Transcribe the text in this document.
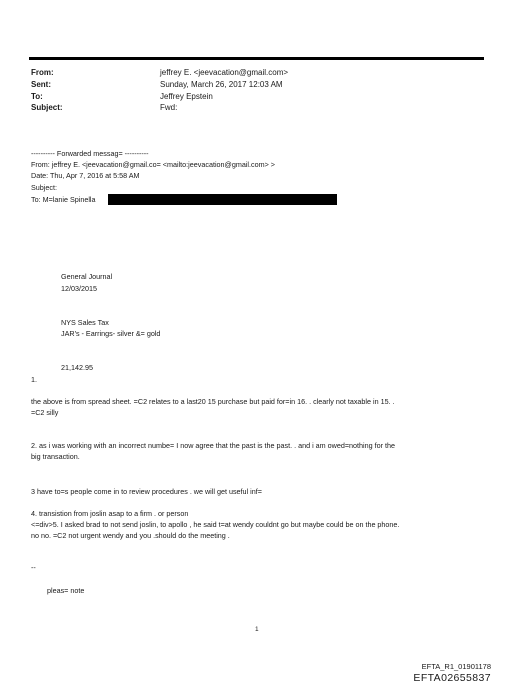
From:	jeffrey E. <jeevacation@gmail.com>
Sent:	Sunday, March 26, 2017 12:03 AM
To:	Jeffrey Epstein
Subject:	Fwd:
---------- Forwarded messag= ----------
From: jeffrey E. <jeevacation@gmail.co= <mailto:jeevacation@gmail.com> >
Date: Thu, Apr 7, 2016 at 5:58 AM
Subject:
To: M=lanie Spinella
General Journal
12/03/2015
NYS Sales Tax
JAR's - Earrings- silver &= gold
21,142.95
1.
the above is from spread sheet. =C2 relates to a last20 15 purchase but paid for=in 16. . clearly not taxable in 15. .
=C2 silly
2. as i was working with an incorrect numbe= I now agree that the past is the past. . and i am owed=nothing for the
big transaction.
3 have to=s people come in to review procedures . we will get useful inf=
4. transistion from joslin asap to a firm . or person
<=div>5. I asked brad to not send joslin, to apollo , he said t=at wendy couldnt go but maybe could be on the phone.
no no. =C2 not urgent wendy and you .should do the meeting .
--
pleas= note
1
EFTA_R1_01901178
EFTA02655837
